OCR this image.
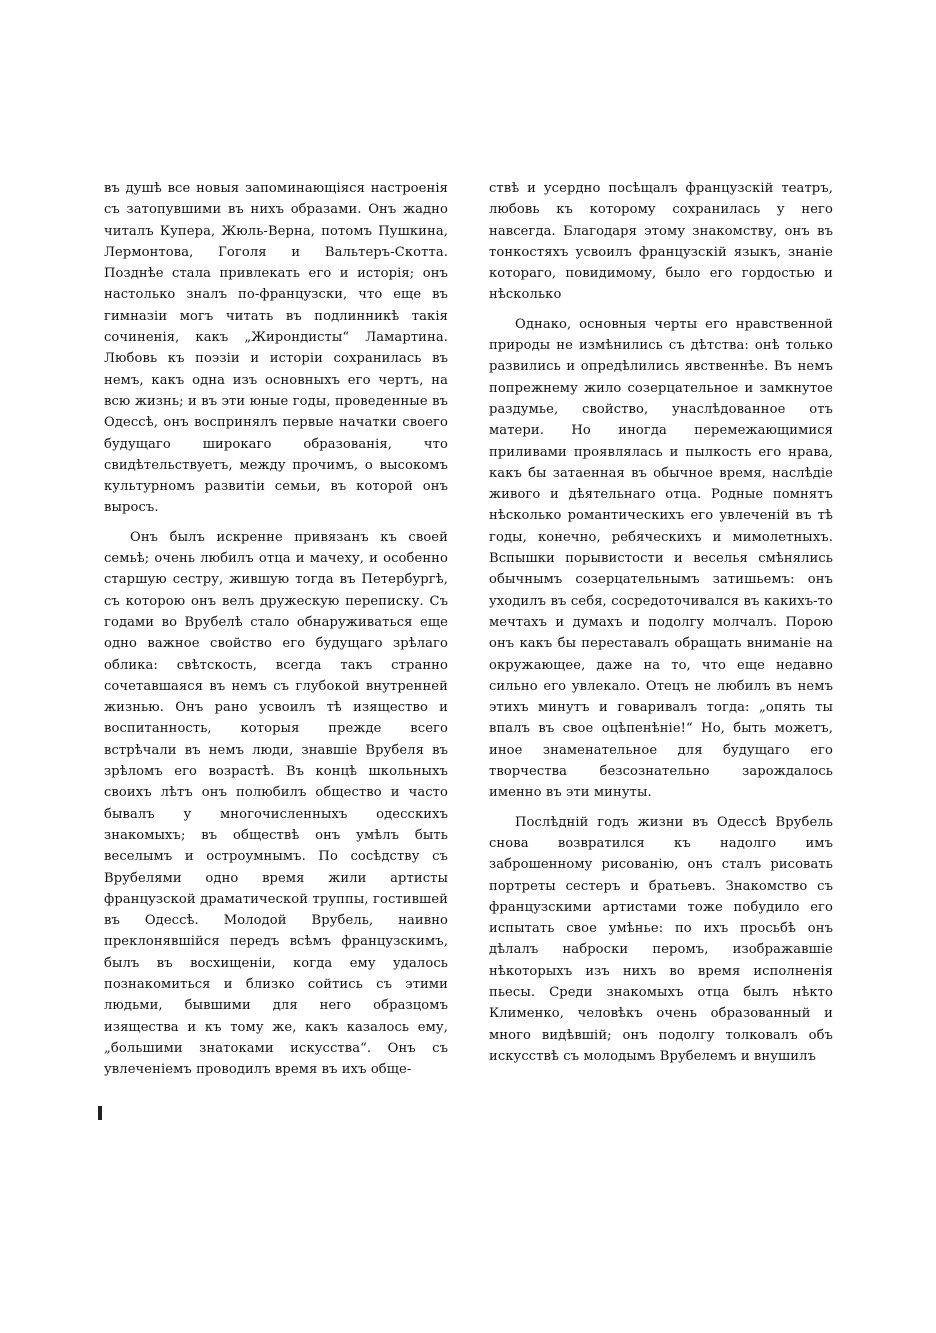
въ душѣ все новыя запоминающіяся настроенія съ затопувшими въ нихъ образами. Онъ жадно читалъ Купера, Жюль-Верна, потомъ Пушкина, Лермонтова, Гоголя и Вальтеръ-Скотта. Позднѣе стала привлекать его и исторія; онъ настолько зналъ по-французски, что еще въ гимназіи могъ читать въ подлинникѣ такія сочиненія, какъ „Жирондисты“ Ламартина. Любовь къ поэзіи и исторіи сохранилась въ немъ, какъ одна изъ основныхъ его чертъ, на всю жизнь; и въ эти юные годы, проведенные въ Одессѣ, онъ воспринялъ первые начатки своего будущаго широкаго образованія, что свидѣтельствуетъ, между прочимъ, о высокомъ культурномъ развитіи семьи, въ которой онъ выросъ.

Онъ былъ искренне привязанъ къ своей семьѣ; очень любилъ отца и мачеху, и особенно старшую сестру, жившую тогда въ Петербургѣ, съ которою онъ велъ дружескую переписку. Съ годами во Врубелѣ стало обнаруживаться еще одно важное свойство его будущаго зрѣлаго облика: свѣтскость, всегда такъ странно сочетавшаяся въ немъ съ глубокой внутренней жизнью. Онъ рано усвоилъ тѣ изящество и воспитанность, которыя прежде всего встрѣчали въ немъ люди, знавшіе Врубеля въ зрѣломъ его возрастѣ. Въ концѣ школьныхъ своихъ лѣтъ онъ полюбилъ общество и часто бывалъ у многочисленныхъ одесскихъ знакомыхъ; въ обществѣ онъ умѣлъ быть веселымъ и остроумнымъ. По сосѣдству съ Врубелями одно время жили артисты французской драматической труппы, гостившей въ Одессѣ. Молодой Врубель, наивно преклонявшійся передъ всѣмъ французскимъ, былъ въ восхищеніи, когда ему удалось познакомиться и близко сойтись съ этими людьми, бывшими для него образцомъ изящества и къ тому же, какъ казалось ему, „большими знатоками искусства“. Онъ съ увлеченіемъ проводилъ время въ ихъ обще-

ствѣ и усердно посѣщалъ французскій театръ, любовь къ которому сохранилась у него навсегда. Благодаря этому знакомству, онъ въ тонкостяхъ усвоилъ французскій языкъ, знаніе котораго, повидимому, было его гордостью и нѣсколько

Однако, основныя черты его нравственной природы не измѣнились съ дѣтства: онѣ только развились и опредѣлились явственнѣе. Въ немъ попрежнему жило созерцательное и замкнутое раздумье, свойство, унаслѣдованное отъ матери. Но иногда перемежающимися приливами проявлялась и пылкость его нрава, какъ бы затаенная въ обычное время, наслѣдіе живого и дѣятельнаго отца. Родные помнятъ нѣсколько романтическихъ его увлеченій въ тѣ годы, конечно, ребяческихъ и мимолетныхъ. Вспышки порывистости и веселья смѣнялись обычнымъ созерцательнымъ затишьемъ: онъ уходилъ въ себя, сосредоточивался въ какихъ-то мечтахъ и думахъ и подолгу молчалъ. Порою онъ какъ бы переставалъ обращать вниманіе на окружающее, даже на то, что еще недавно сильно его увлекало. Отецъ не любилъ въ немъ этихъ минутъ и говаривалъ тогда: „опять ты впалъ въ свое оцѣпенѣніе!“ Но, быть можетъ, иное знаменательное для будущаго его творчества безсознательно зарождалось именно въ эти минуты.

Послѣдній годъ жизни въ Одессѣ Врубель снова возвратился къ надолго имъ заброшенному рисованію, онъ сталъ рисовать портреты сестеръ и братьевъ. Знакомство съ французскими артистами тоже побудило его испытать свое умѣнье: по ихъ просьбѣ онъ дѣлалъ наброски перомъ, изображавшіе нѣкоторыхъ изъ нихъ во время исполненія пьесы. Среди знакомыхъ отца былъ нѣкто Клименко, человѣкъ очень образованный и много видѣвшій; онъ подолгу толковалъ объ искусствѣ съ молодымъ Врубелемъ и внушилъ
